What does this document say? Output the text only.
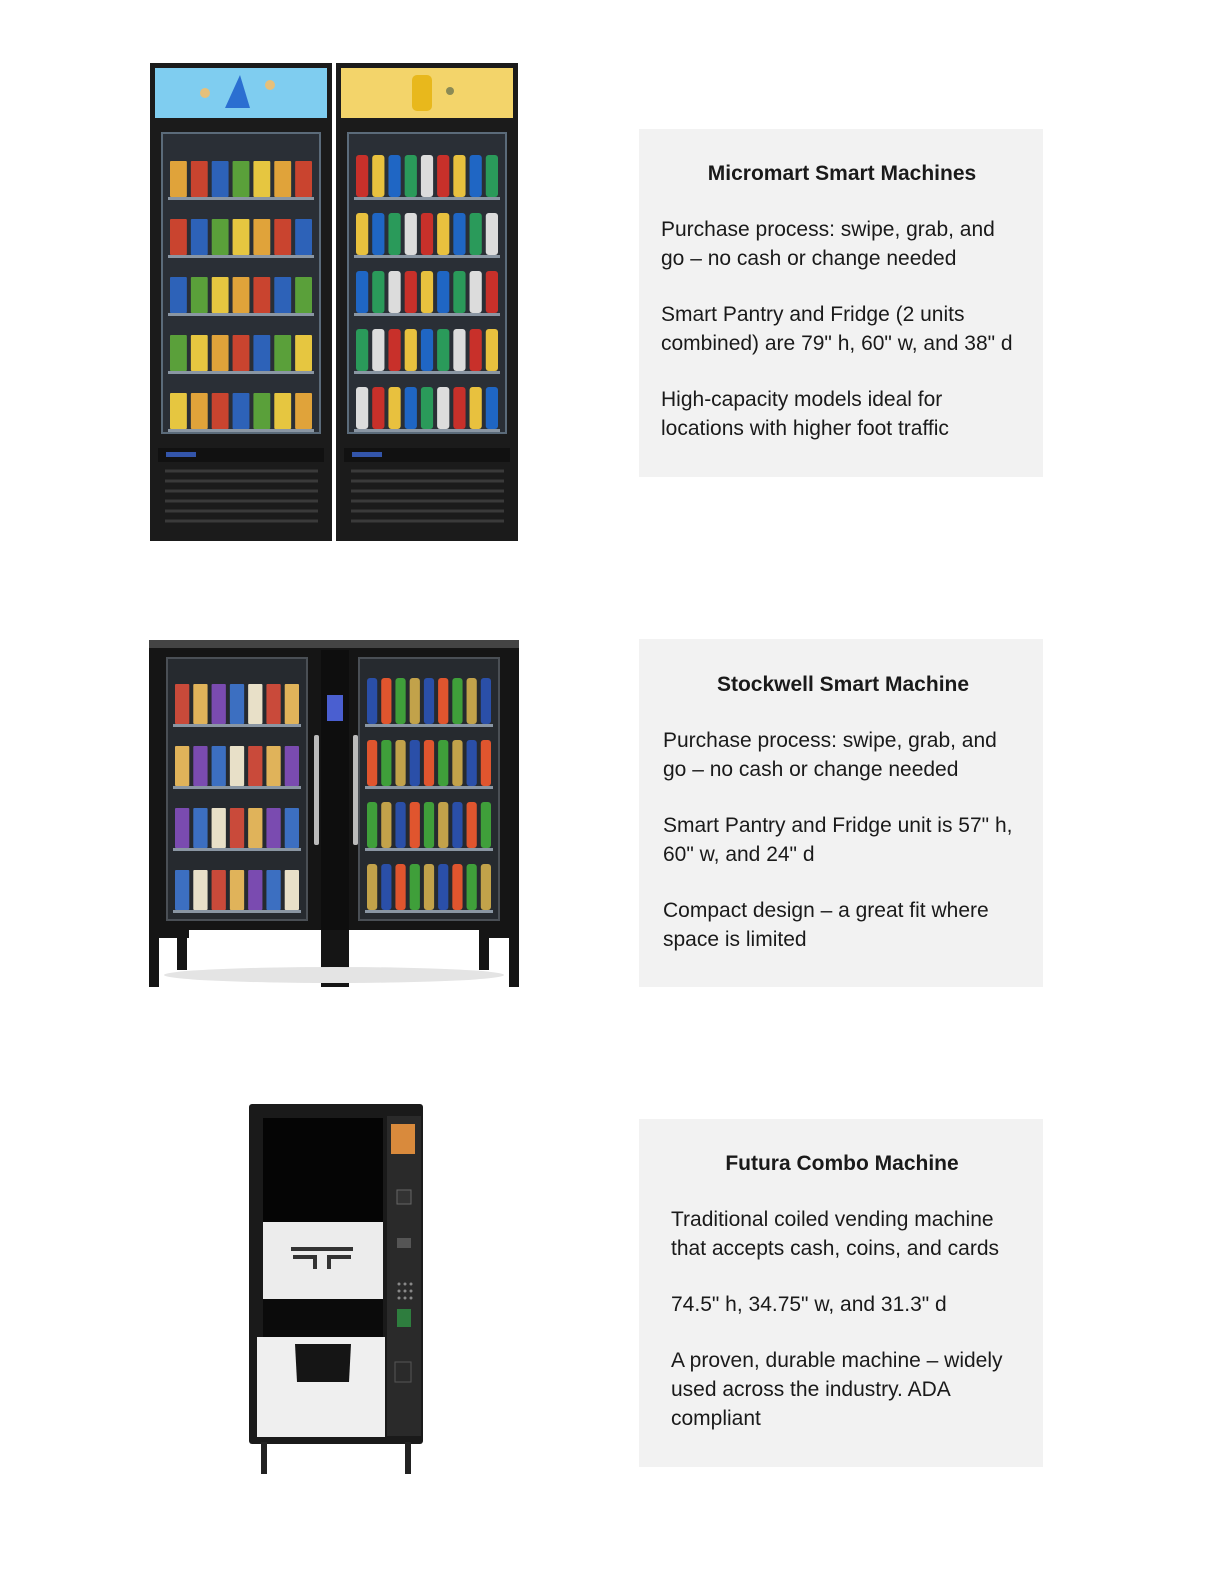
Micromart Smart Machines

Purchase process: swipe, grab, and go – no cash or change needed

Smart Pantry and Fridge (2 units combined) are 79" h, 60" w, and 38" d

High-capacity models ideal for locations with higher foot traffic

Stockwell Smart Machine

Purchase process: swipe, grab, and go – no cash or change needed

Smart Pantry and Fridge unit is 57" h, 60" w, and 24" d

Compact design – a great fit where space is limited

Futura Combo Machine

Traditional coiled vending machine that accepts cash, coins, and cards

74.5" h, 34.75" w, and 31.3" d

A proven, durable machine – widely used across the industry. ADA compliant
